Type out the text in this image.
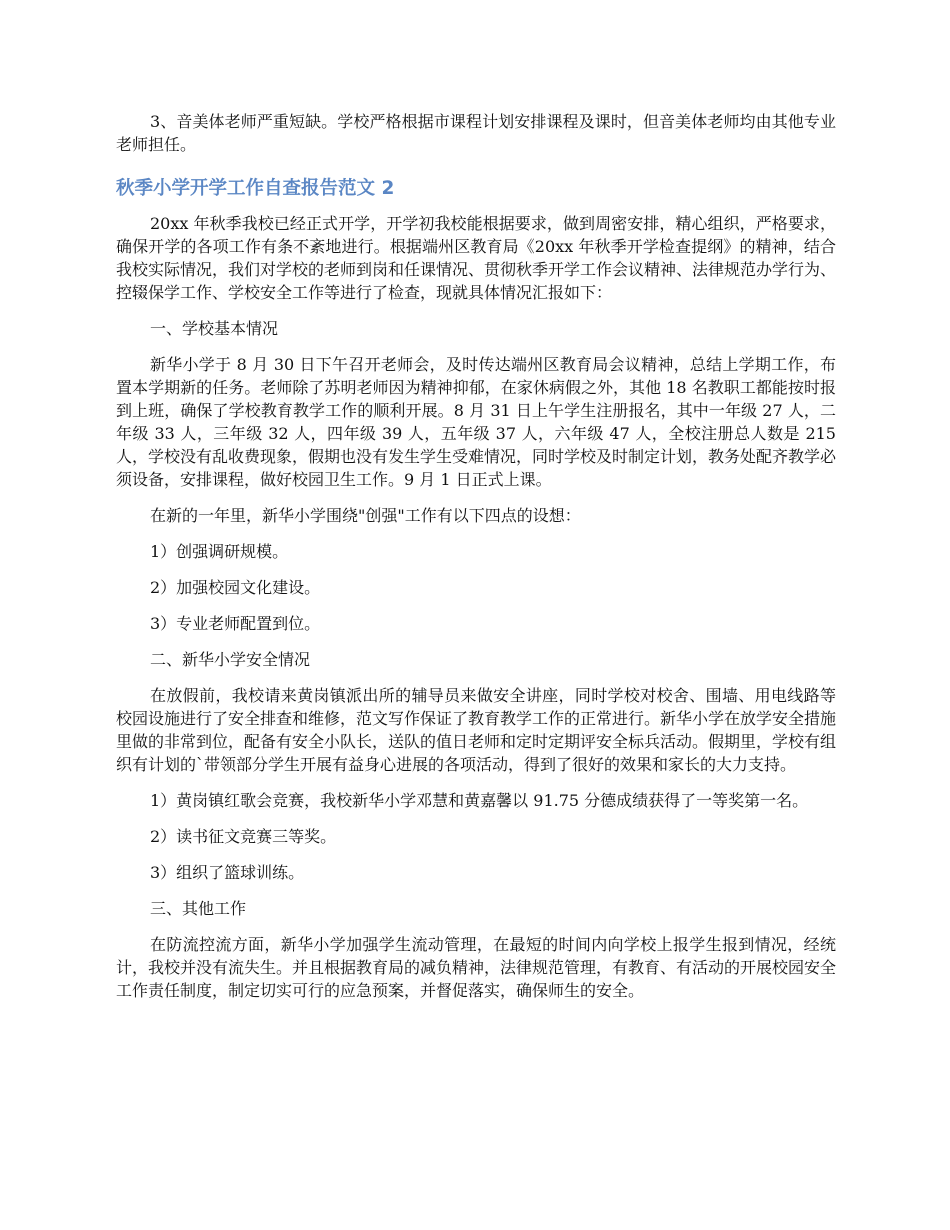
3、音美体老师严重短缺。学校严格根据市课程计划安排课程及课时，但音美体老师均由其他专业老师担任。

秋季小学开学工作自查报告范文 2

20xx 年秋季我校已经正式开学，开学初我校能根据要求，做到周密安排，精心组织，严格要求，确保开学的各项工作有条不紊地进行。根据端州区教育局《20xx 年秋季开学检查提纲》的精神，结合我校实际情况，我们对学校的老师到岗和任课情况、贯彻秋季开学工作会议精神、法律规范办学行为、控辍保学工作、学校安全工作等进行了检查，现就具体情况汇报如下：

一、学校基本情况

新华小学于 8 月 30 日下午召开老师会，及时传达端州区教育局会议精神，总结上学期工作，布置本学期新的任务。老师除了苏明老师因为精神抑郁，在家休病假之外，其他 18 名教职工都能按时报到上班，确保了学校教育教学工作的顺利开展。8 月 31 日上午学生注册报名，其中一年级 27 人，二年级 33 人，三年级 32 人，四年级 39 人，五年级 37 人，六年级 47 人，全校注册总人数是 215 人，学校没有乱收费现象，假期也没有发生学生受难情况，同时学校及时制定计划，教务处配齐教学必须设备，安排课程，做好校园卫生工作。9 月 1 日正式上课。

在新的一年里，新华小学围绕"创强"工作有以下四点的设想：

1）创强调研规模。

2）加强校园文化建设。

3）专业老师配置到位。

二、新华小学安全情况

在放假前，我校请来黄岗镇派出所的辅导员来做安全讲座，同时学校对校舍、围墙、用电线路等校园设施进行了安全排查和维修，范文写作保证了教育教学工作的正常进行。新华小学在放学安全措施里做的非常到位，配备有安全小队长，送队的值日老师和定时定期评安全标兵活动。假期里，学校有组织有计划的`带领部分学生开展有益身心进展的各项活动，得到了很好的效果和家长的大力支持。

1）黄岗镇红歌会竞赛，我校新华小学邓慧和黄嘉馨以 91.75 分德成绩获得了一等奖第一名。

2）读书征文竞赛三等奖。

3）组织了篮球训练。

三、其他工作

在防流控流方面，新华小学加强学生流动管理，在最短的时间内向学校上报学生报到情况，经统计，我校并没有流失生。并且根据教育局的减负精神，法律规范管理，有教育、有活动的开展校园安全工作责任制度，制定切实可行的应急预案，并督促落实，确保师生的安全。
